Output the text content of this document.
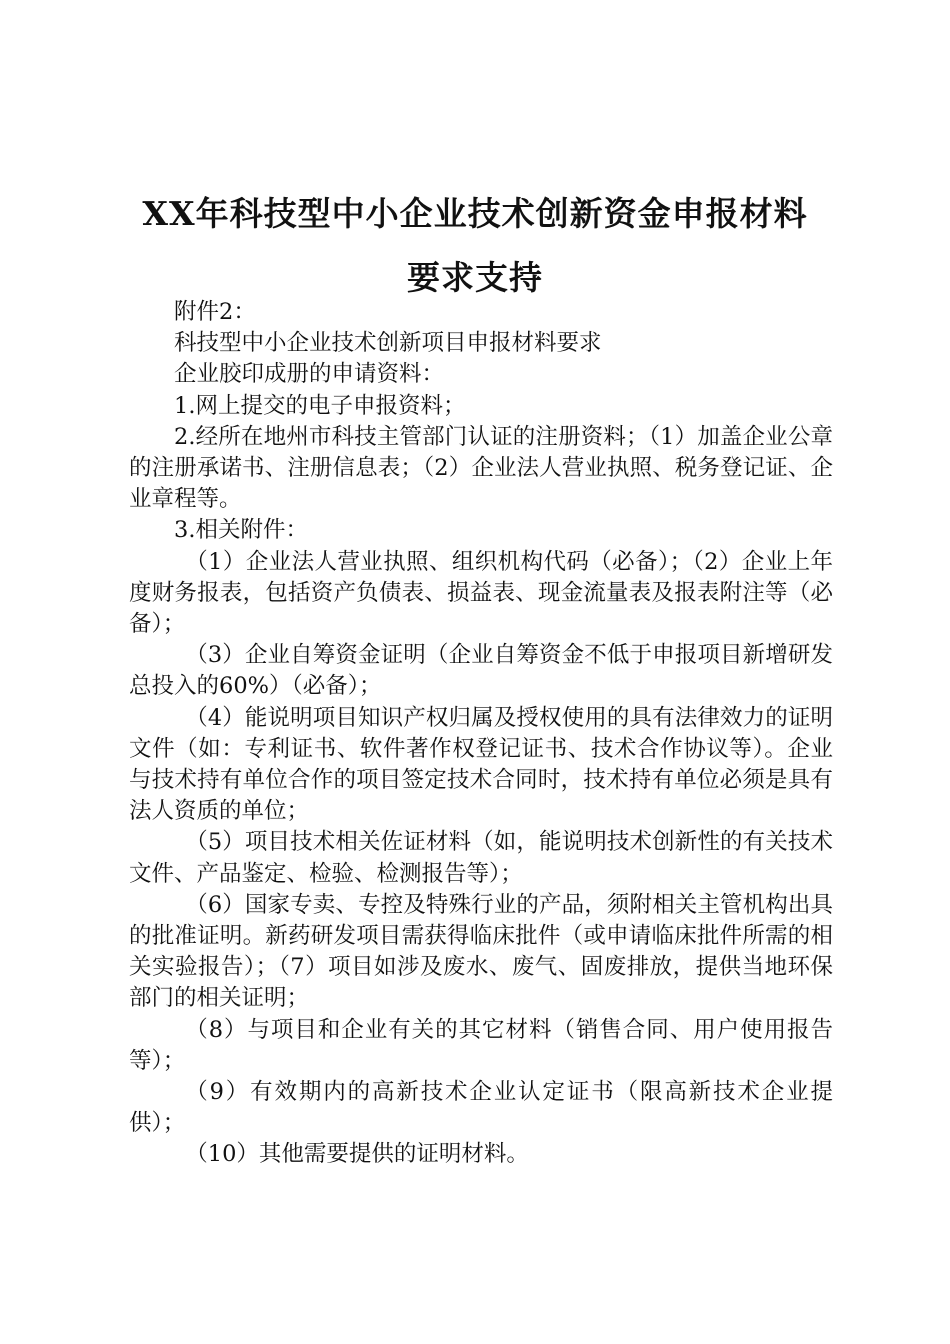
XX年科技型中小企业技术创新资金申报材料
要求支持

附件2：

科技型中小企业技术创新项目申报材料要求

企业胶印成册的申请资料：

1.网上提交的电子申报资料；

2.经所在地州市科技主管部门认证的注册资料；（1）加盖企业公章的注册承诺书、注册信息表；（2）企业法人营业执照、税务登记证、企业章程等。

3.相关附件：

（1）企业法人营业执照、组织机构代码（必备）；（2）企业上年度财务报表，包括资产负债表、损益表、现金流量表及报表附注等（必备）；

（3）企业自筹资金证明（企业自筹资金不低于申报项目新增研发总投入的60%）（必备）；

（4）能说明项目知识产权归属及授权使用的具有法律效力的证明文件（如：专利证书、软件著作权登记证书、技术合作协议等）。企业与技术持有单位合作的项目签定技术合同时，技术持有单位必须是具有法人资质的单位；

（5）项目技术相关佐证材料（如，能说明技术创新性的有关技术文件、产品鉴定、检验、检测报告等）；

（6）国家专卖、专控及特殊行业的产品，须附相关主管机构出具的批准证明。新药研发项目需获得临床批件（或申请临床批件所需的相关实验报告）；（7）项目如涉及废水、废气、固废排放，提供当地环保部门的相关证明；

（8）与项目和企业有关的其它材料（销售合同、用户使用报告等）；

（9）有效期内的高新技术企业认定证书（限高新技术企业提供）；

（10）其他需要提供的证明材料。
